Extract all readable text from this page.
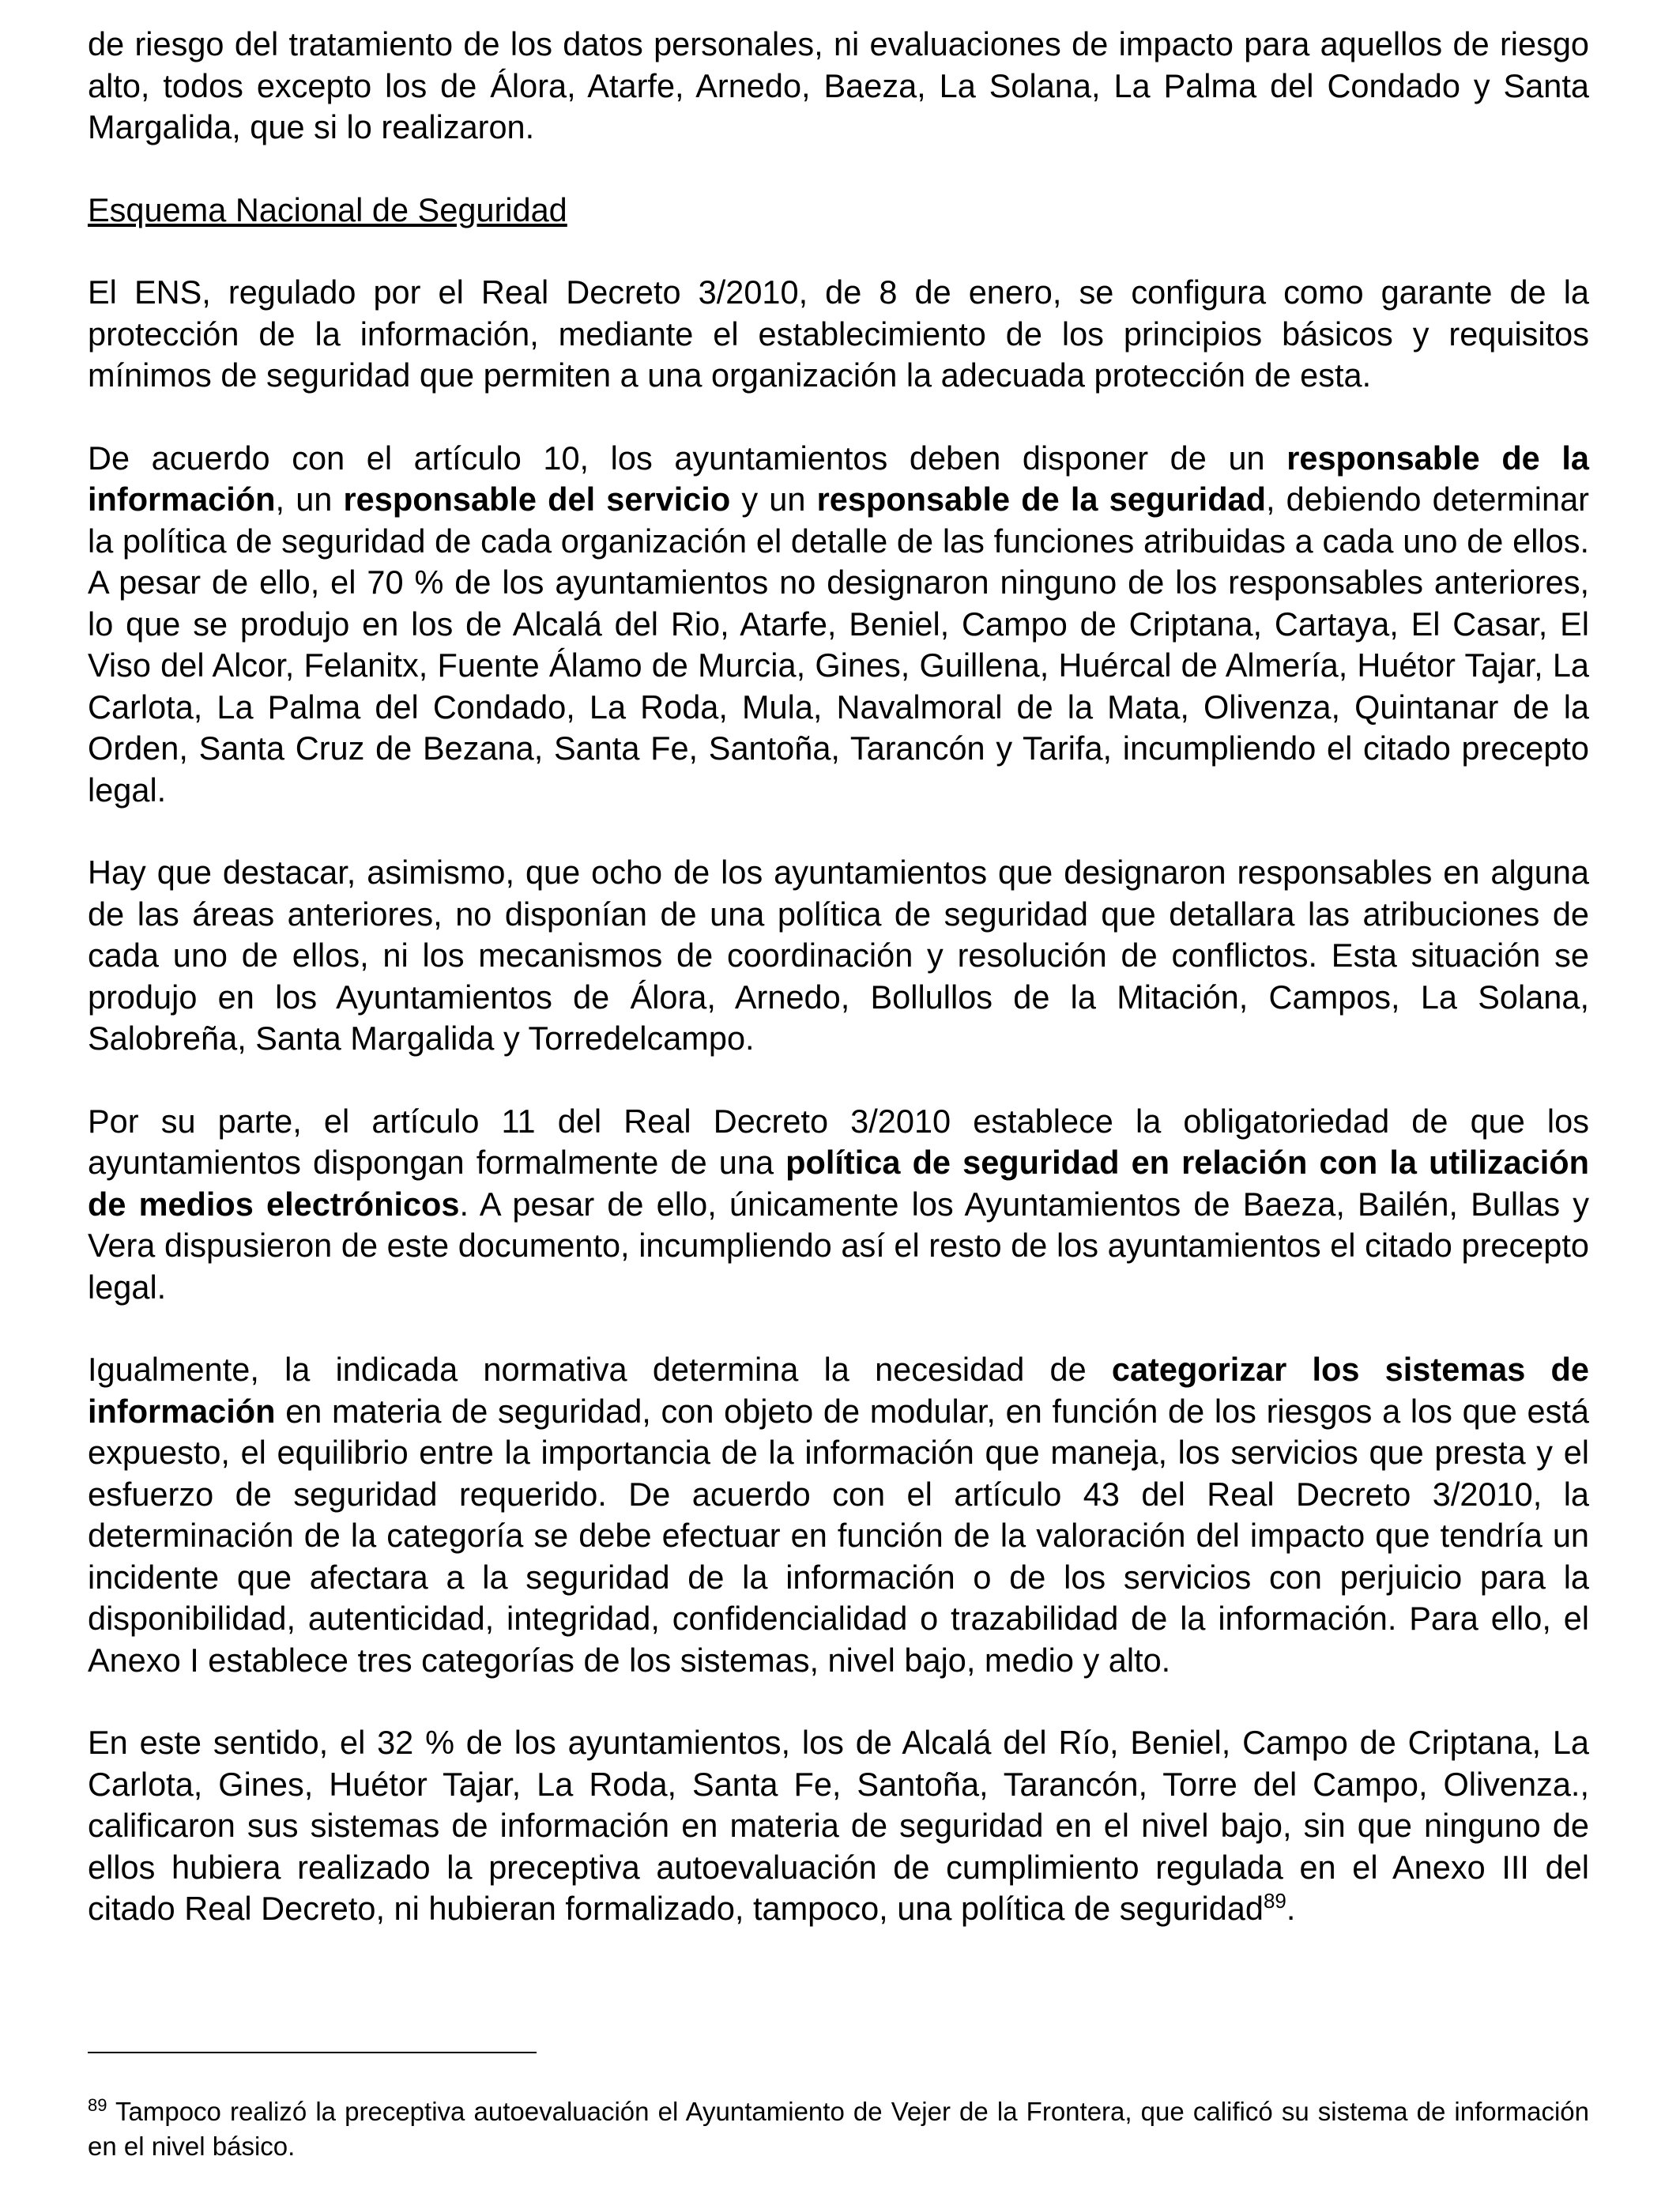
de riesgo del tratamiento de los datos personales, ni evaluaciones de impacto para aquellos de riesgo alto, todos excepto los de Álora, Atarfe, Arnedo, Baeza, La Solana, La Palma del Condado y Santa Margalida, que si lo realizaron.

Esquema Nacional de Seguridad

El ENS, regulado por el Real Decreto 3/2010, de 8 de enero, se configura como garante de la protección de la información, mediante el establecimiento de los principios básicos y requisitos mínimos de seguridad que permiten a una organización la adecuada protección de esta.

De acuerdo con el artículo 10, los ayuntamientos deben disponer de un responsable de la información, un responsable del servicio y un responsable de la seguridad, debiendo determinar la política de seguridad de cada organización el detalle de las funciones atribuidas a cada uno de ellos. A pesar de ello, el 70 % de los ayuntamientos no designaron ninguno de los responsables anteriores, lo que se produjo en los de Alcalá del Rio, Atarfe, Beniel, Campo de Criptana, Cartaya, El Casar, El Viso del Alcor, Felanitx, Fuente Álamo de Murcia, Gines, Guillena, Huércal de Almería, Huétor Tajar, La Carlota, La Palma del Condado, La Roda, Mula, Navalmoral de la Mata, Olivenza, Quintanar de la Orden, Santa Cruz de Bezana, Santa Fe, Santoña, Tarancón y Tarifa, incumpliendo el citado precepto legal.

Hay que destacar, asimismo, que ocho de los ayuntamientos que designaron responsables en alguna de las áreas anteriores, no disponían de una política de seguridad que detallara las atribuciones de cada uno de ellos, ni los mecanismos de coordinación y resolución de conflictos. Esta situación se produjo en los Ayuntamientos de Álora, Arnedo, Bollullos de la Mitación, Campos, La Solana, Salobreña, Santa Margalida y Torredelcampo.

Por su parte, el artículo 11 del Real Decreto 3/2010 establece la obligatoriedad de que los ayuntamientos dispongan formalmente de una política de seguridad en relación con la utilización de medios electrónicos. A pesar de ello, únicamente los Ayuntamientos de Baeza, Bailén, Bullas y Vera dispusieron de este documento, incumpliendo así el resto de los ayuntamientos el citado precepto legal.

Igualmente, la indicada normativa determina la necesidad de categorizar los sistemas de información en materia de seguridad, con objeto de modular, en función de los riesgos a los que está expuesto, el equilibrio entre la importancia de la información que maneja, los servicios que presta y el esfuerzo de seguridad requerido. De acuerdo con el artículo 43 del Real Decreto 3/2010, la determinación de la categoría se debe efectuar en función de la valoración del impacto que tendría un incidente que afectara a la seguridad de la información o de los servicios con perjuicio para la disponibilidad, autenticidad, integridad, confidencialidad o trazabilidad de la información. Para ello, el Anexo I establece tres categorías de los sistemas, nivel bajo, medio y alto.

En este sentido, el 32 % de los ayuntamientos, los de Alcalá del Río, Beniel, Campo de Criptana, La Carlota, Gines, Huétor Tajar, La Roda, Santa Fe, Santoña, Tarancón, Torre del Campo, Olivenza., calificaron sus sistemas de información en materia de seguridad en el nivel bajo, sin que ninguno de ellos hubiera realizado la preceptiva autoevaluación de cumplimiento regulada en el Anexo III del citado Real Decreto, ni hubieran formalizado, tampoco, una política de seguridad$^{89}$.

$^{89}$ Tampoco realizó la preceptiva autoevaluación el Ayuntamiento de Vejer de la Frontera, que calificó su sistema de información en el nivel básico.
